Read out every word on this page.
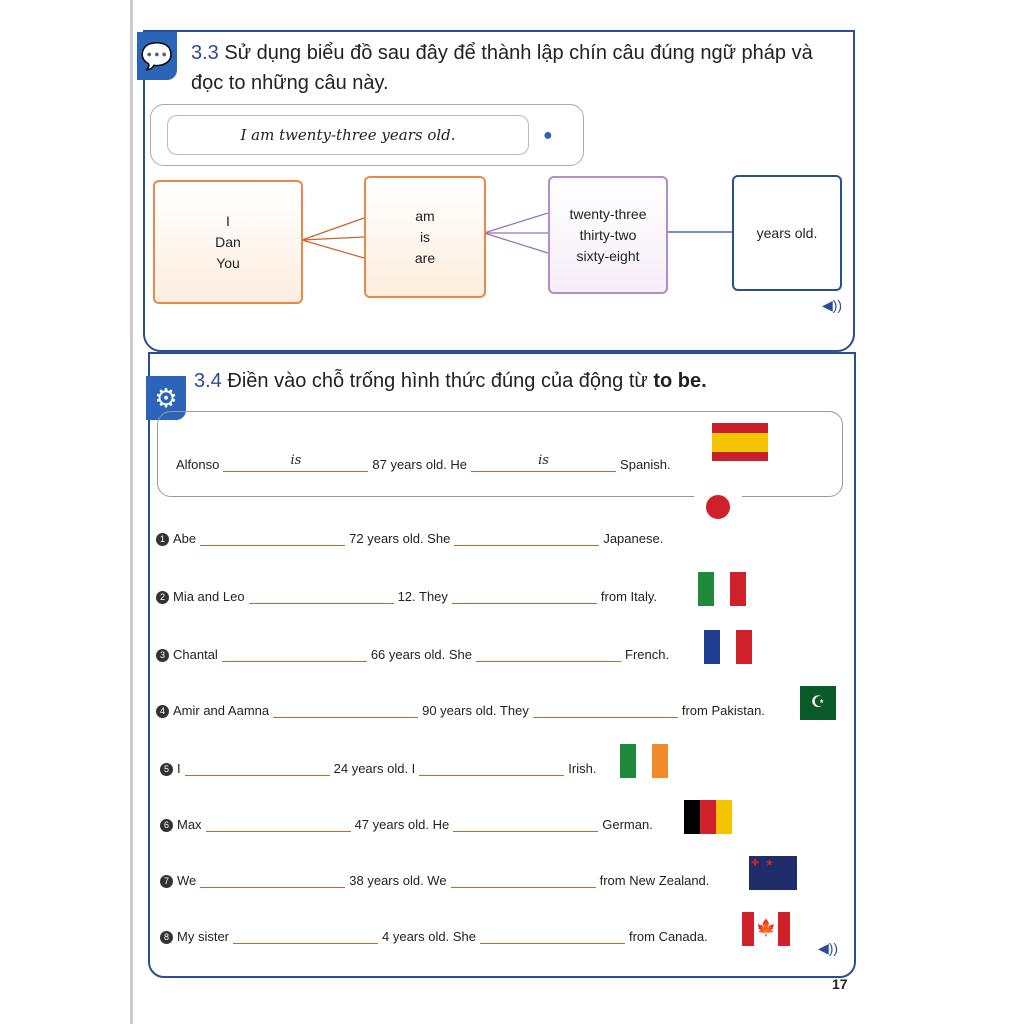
💬 3.3 Sử dụng biểu đồ sau đây để thành lập chín câu đúng ngữ pháp và đọc to những câu này.
I am twenty-three years old.	●
I
Dan
You
am
is
are
twenty-three
thirty-two
sixty-eight
years old.
◀))
⚙
3.4 Điền vào chỗ trống hình thức đúng của động từ to be.
Alfonso	is	87 years old. He	is	Spanish.
1 Abe	72 years old. She	Japanese.
2 Mia and Leo	12. They	from Italy.
3 Chantal	66 years old. She	French.
4 Amir and Aamna	90 years old. They	from Pakistan.	☪
5 I	24 years old. I	Irish.
6 Max	47 years old. He	German.
7 We	38 years old. We	from New Zealand.
✚  ★
8 My sister	4 years old. She	from Canada.	🍁
◀))
17
